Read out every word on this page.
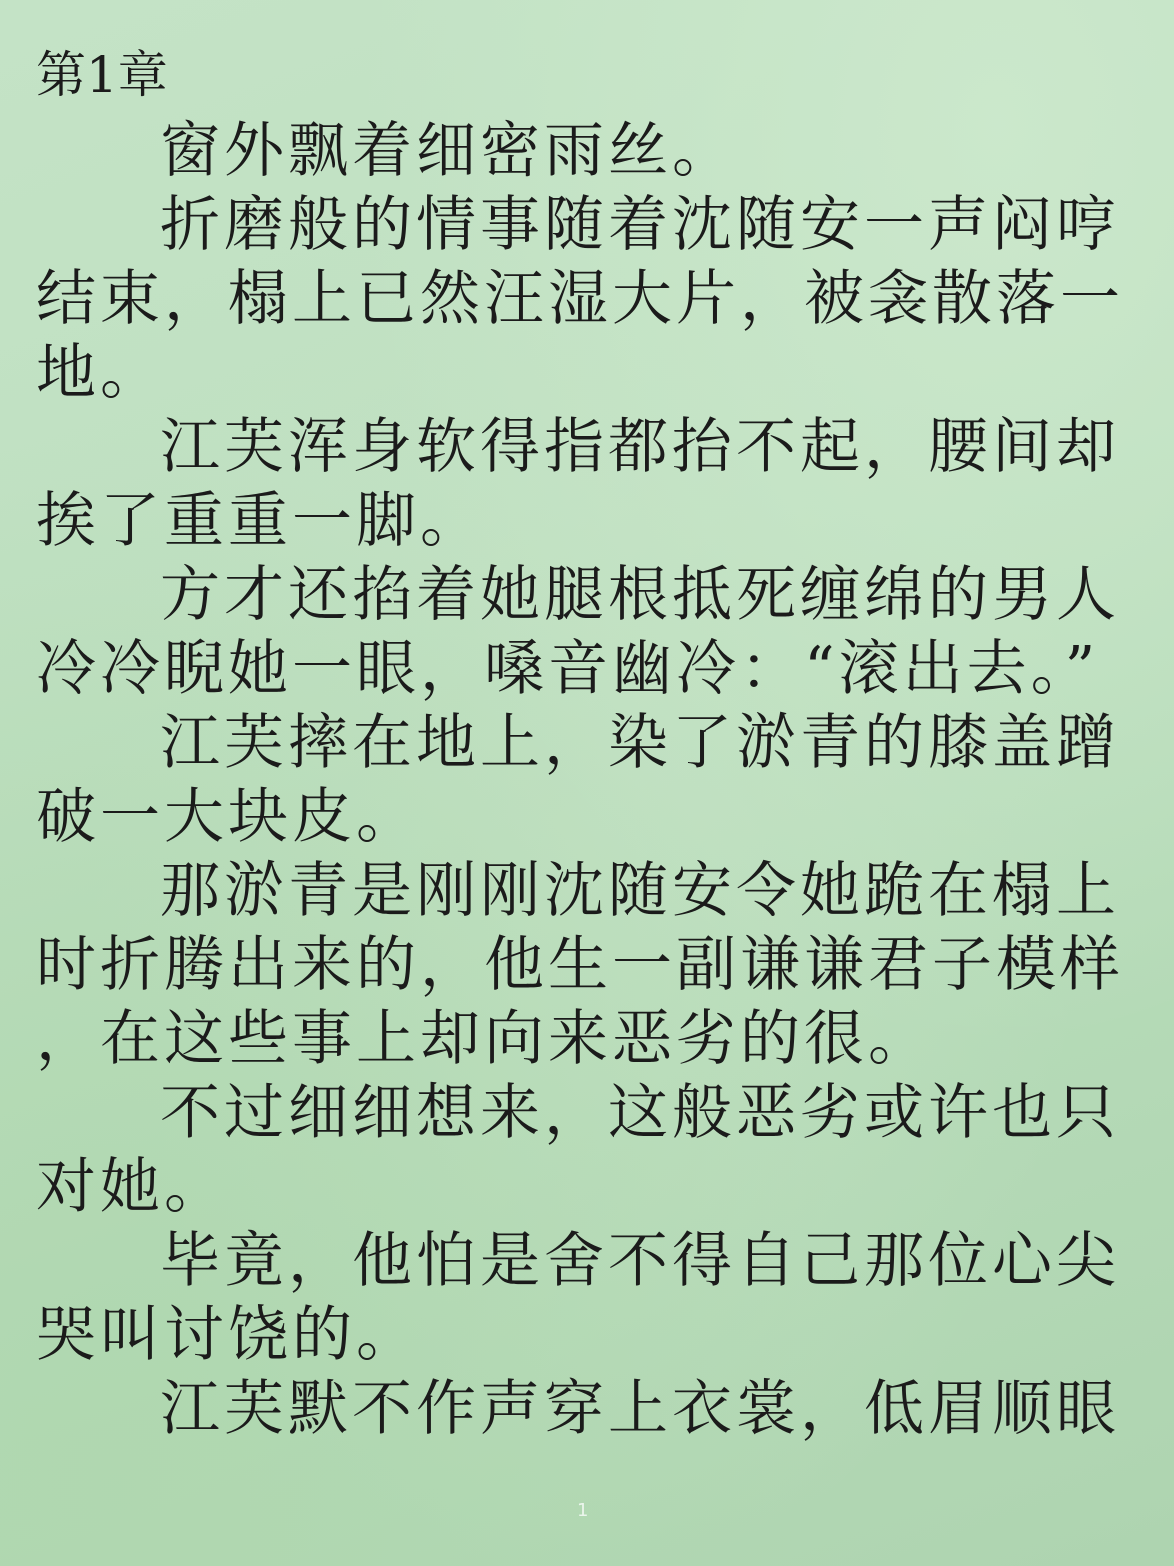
第1章
窗外飘着细密雨丝。
折磨般的情事随着沈随安一声闷哼
结束，榻上已然汪湿大片，被衾散落一
地。
江芙浑身软得指都抬不起，腰间却
挨了重重一脚。
方才还掐着她腿根抵死缠绵的男人
冷冷睨她一眼，嗓音幽冷：“滚出去。”
江芙摔在地上，染了淤青的膝盖蹭
破一大块皮。
那淤青是刚刚沈随安令她跪在榻上
时折腾出来的，他生一副谦谦君子模样
，在这些事上却向来恶劣的很。
不过细细想来，这般恶劣或许也只
对她。
毕竟，他怕是舍不得自己那位心尖
哭叫讨饶的。
江芙默不作声穿上衣裳，低眉顺眼
1
